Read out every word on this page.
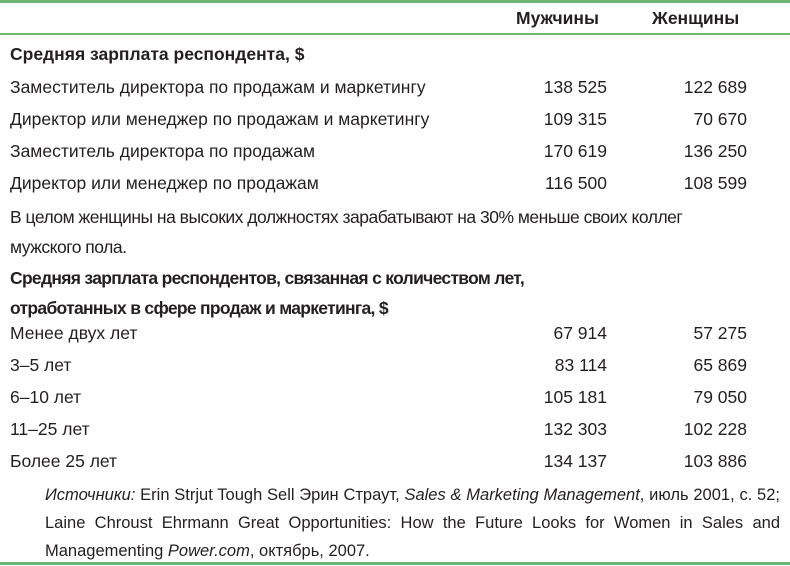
Мужчины	Женщины
Средняя зарплата респондента, $
Заместитель директора по продажам и маркетингу	138 525	122 689
Директор или менеджер по продажам и маркетингу	109 315	70 670
Заместитель директора по продажам	170 619	136 250
Директор или менеджер по продажам	116 500	108 599
В целом женщины на высоких должностях зарабатывают на 30% меньше своих коллег
мужского пола.
Средняя зарплата респондентов, связанная с количеством лет,
отработанных в сфере продаж и маркетинга, $
Менее двух лет	67 914	57 275
3–5 лет	83 114	65 869
6–10 лет	105 181	79 050
11–25 лет	132 303	102 228
Более 25 лет	134 137	103 886
Источники: Erin Strjut Tough Sell Эрин Страут, Sales & Marketing Management, июль 2001, с. 52; Laine Chroust Ehrmann Great Opportunities: How the Future Looks for Women in Sales and Managementing Power.com, октябрь, 2007.
